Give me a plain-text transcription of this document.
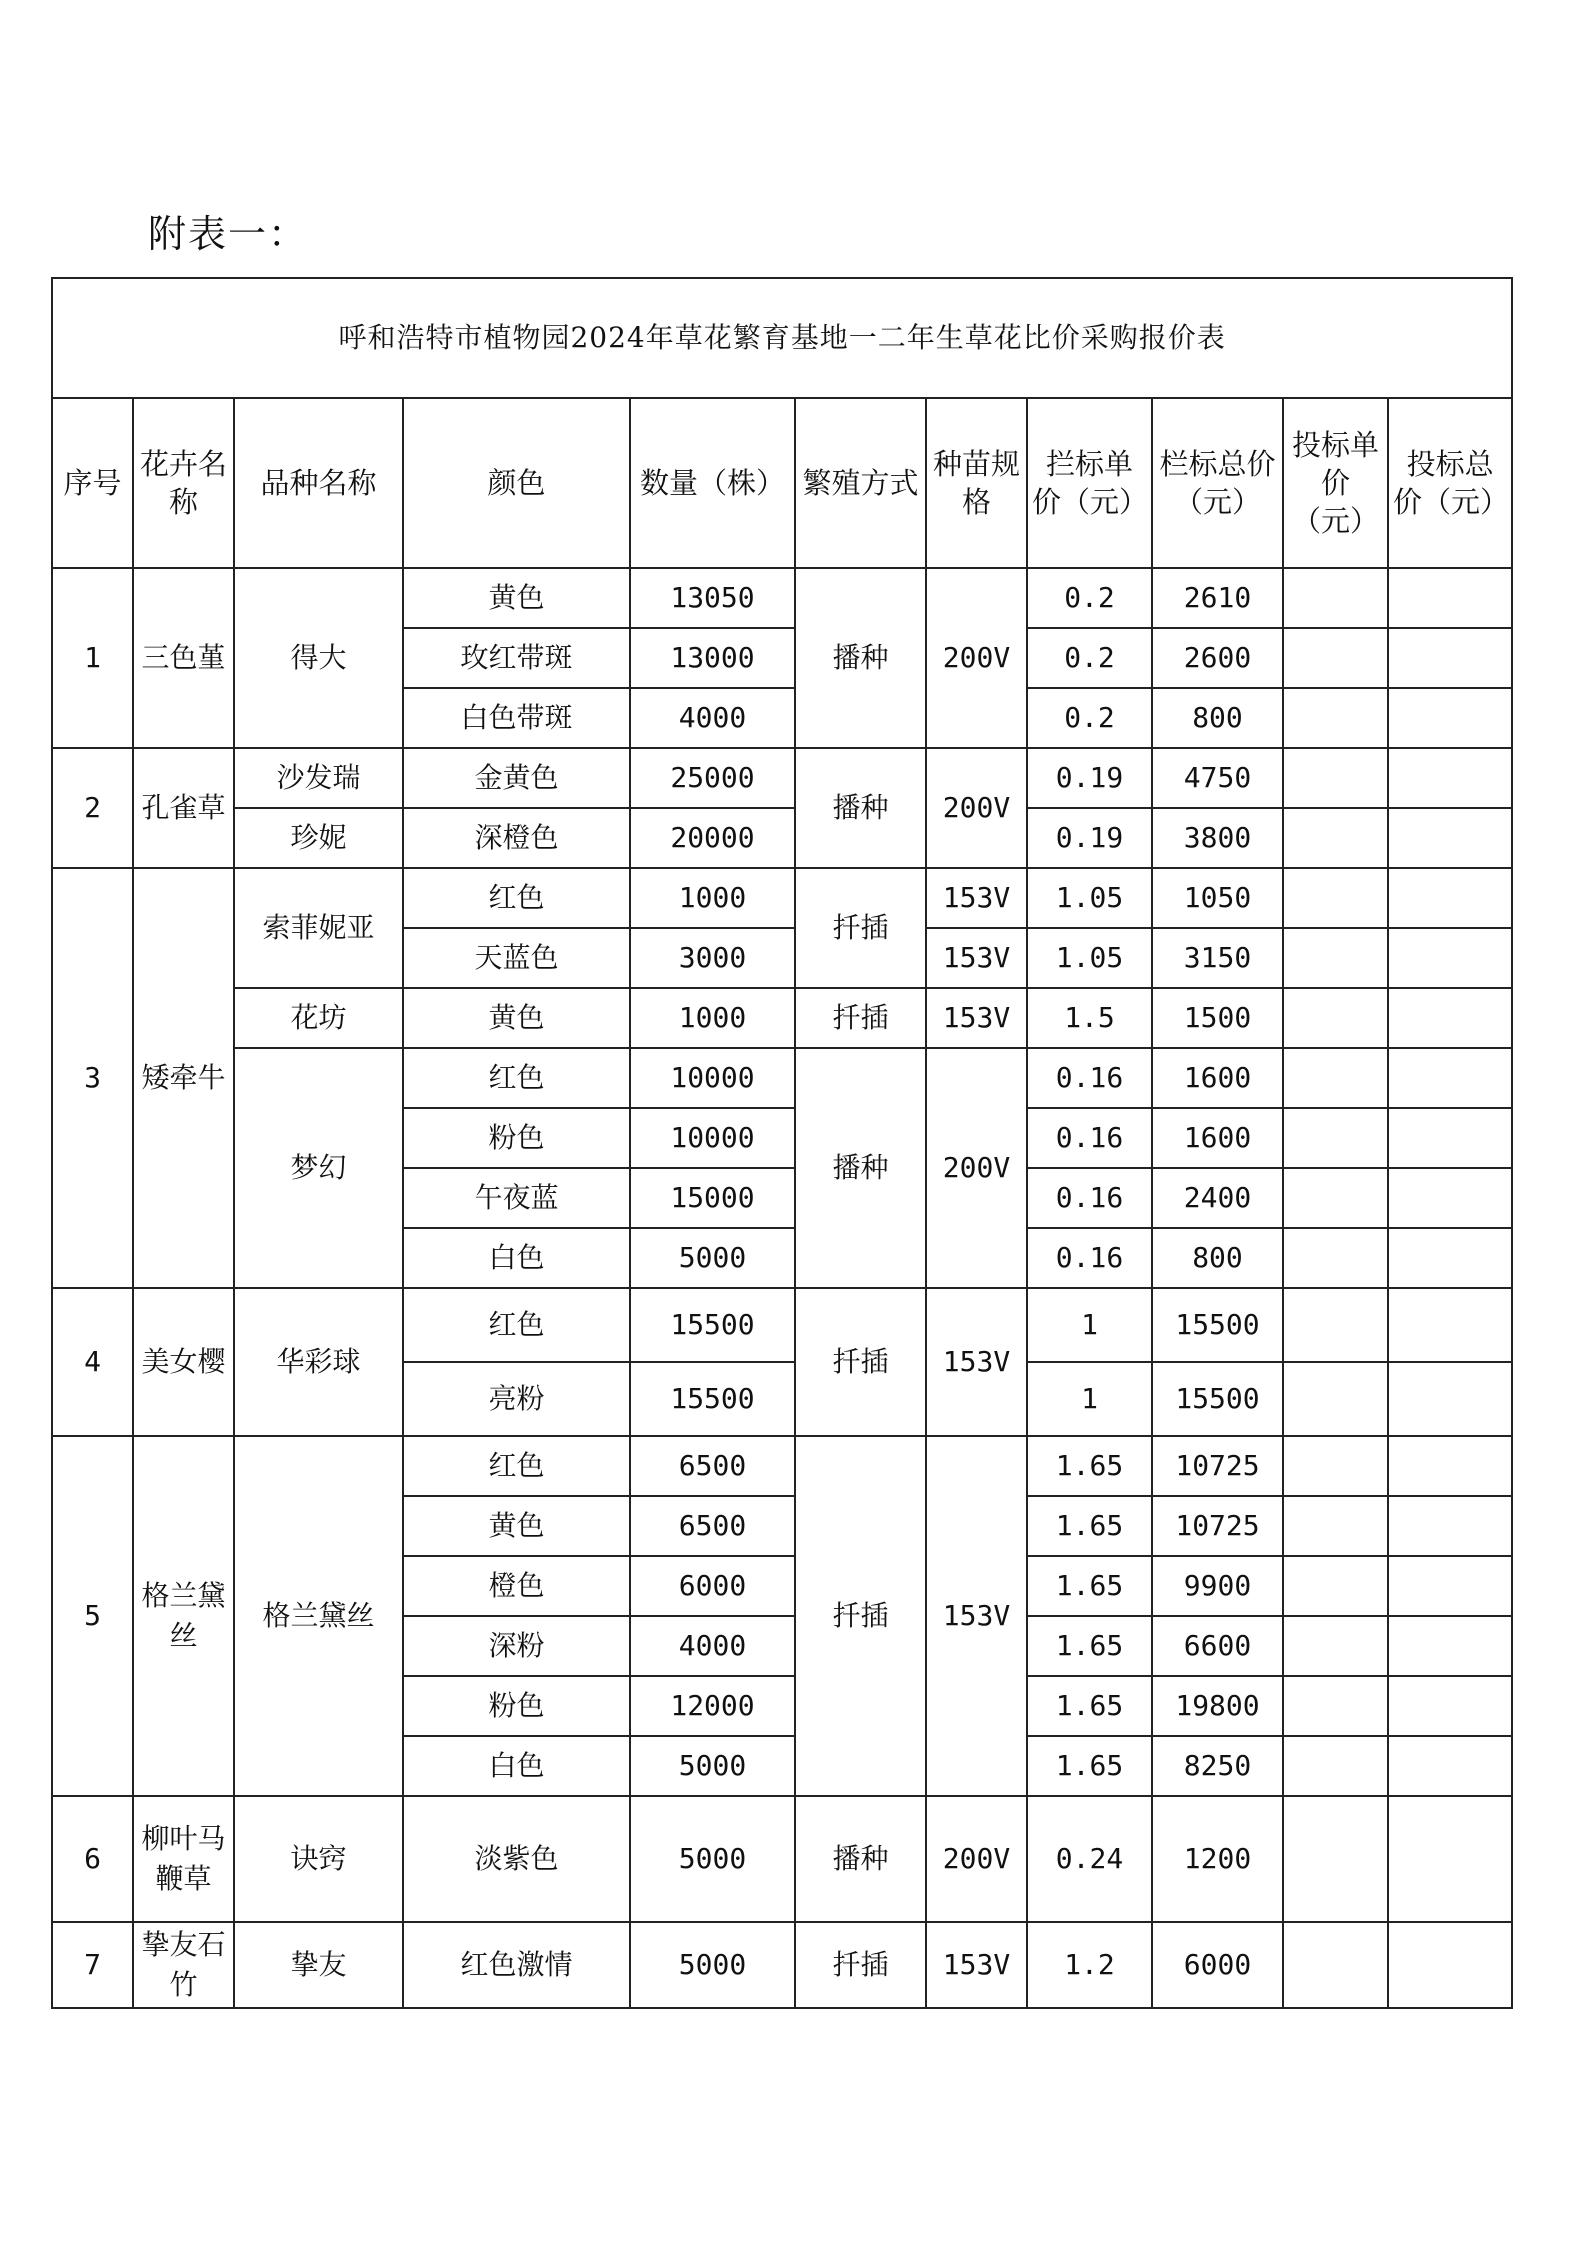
附表一：
呼和浩特市植物园2024年草花繁育基地一二年生草花比价采购报价表										

序号	花卉名称	品种名称	颜色	数量（株）	繁殖方式	种苗规格	拦标单价（元）	栏标总价（元）	投标单价（元）	投标总价（元）

1	三色堇	得大	黄色	13050	播种	200V	0.2	2610		

			玫红带斑	13000			0.2	2600		

			白色带斑	4000			0.2	800		

2	孔雀草	沙发瑞	金黄色	25000	播种	200V	0.19	4750		

		珍妮	深橙色	20000			0.19	3800		

3	矮牵牛	索菲妮亚	红色	1000	扦插	153V	1.05	1050		

			天蓝色	3000		153V	1.05	3150		

		花坊	黄色	1000	扦插	153V	1.5	1500		

		梦幻	红色	10000	播种	200V	0.16	1600		

			粉色	10000			0.16	1600		

			午夜蓝	15000			0.16	2400		

			白色	5000			0.16	800		

4	美女樱	华彩球	红色	15500	扦插	153V	1	15500		

			亮粉	15500			1	15500		

5	格兰黛丝	格兰黛丝	红色	6500	扦插	153V	1.65	10725		

			黄色	6500			1.65	10725		

			橙色	6000			1.65	9900		

			深粉	4000			1.65	6600		

			粉色	12000			1.65	19800		

			白色	5000			1.65	8250		

6	柳叶马鞭草	诀窍	淡紫色	5000	播种	200V	0.24	1200		

7	挚友石竹	挚友	红色激情	5000	扦插	153V	1.2	6000		
